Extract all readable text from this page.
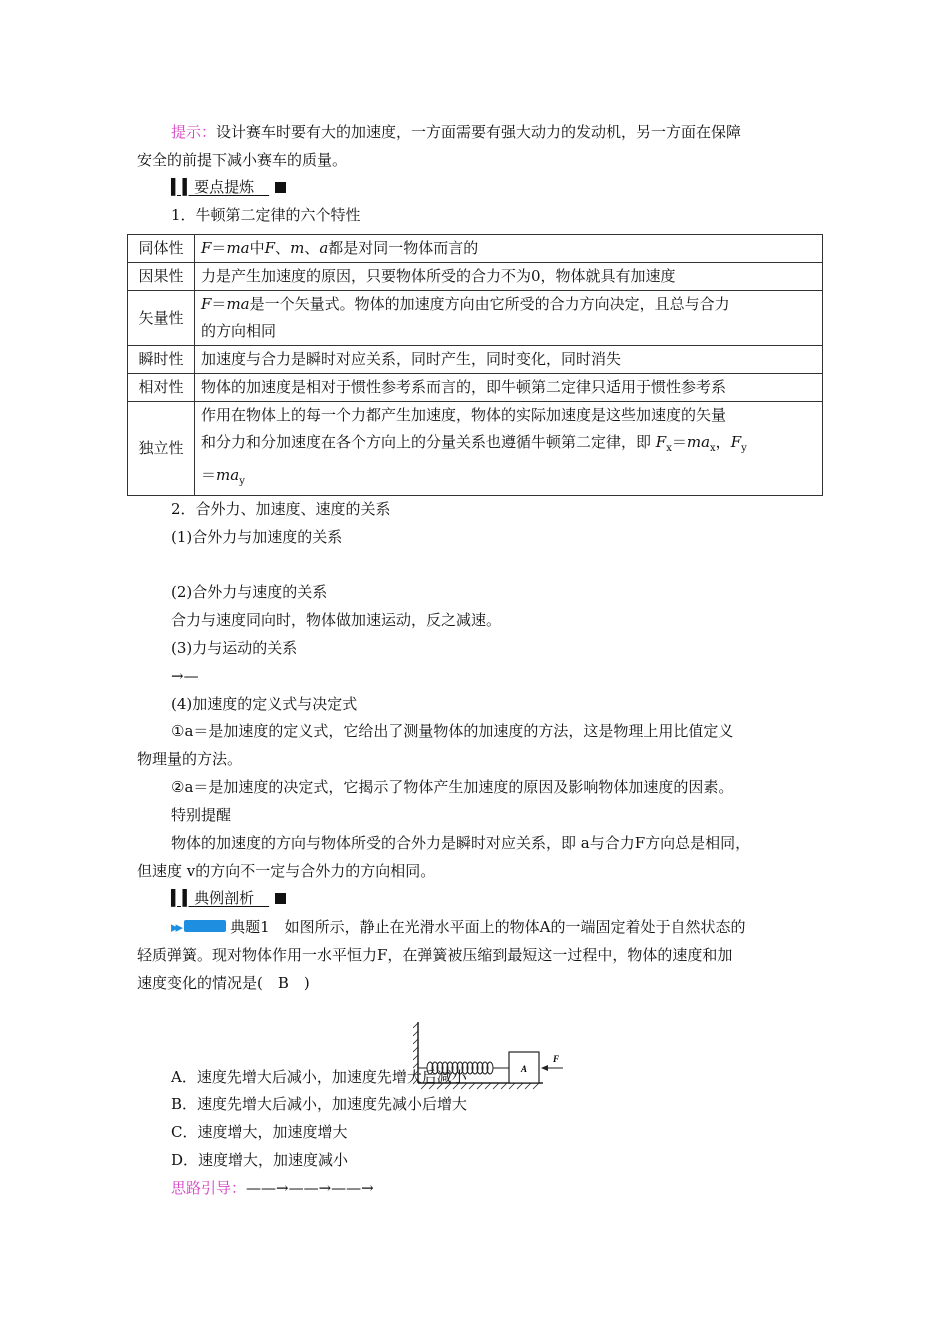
提示：设计赛车时要有大的加速度，一方面需要有强大动力的发动机，另一方面在保障
安全的前提下减小赛车的质量。
▍▍要点提炼　
1．牛顿第二定律的六个特性
同体性	F＝ma中F、m、a都是对同一物体而言的
因果性	力是产生加速度的原因，只要物体所受的合力不为0，物体就具有加速度
矢量性	F＝ma是一个矢量式。物体的加速度方向由它所受的合力方向决定，且总与合力
的方向相同
瞬时性	加速度与合力是瞬时对应关系，同时产生，同时变化，同时消失
相对性	物体的加速度是相对于惯性参考系而言的，即牛顿第二定律只适用于惯性参考系
独立性	作用在物体上的每一个力都产生加速度，物体的实际加速度是这些加速度的矢量
和分力和分加速度在各个方向上的分量关系也遵循牛顿第二定律，即 $F_x=ma_x$，$F_y$
$=ma_y$
2．合外力、加速度、速度的关系
(1)合外力与加速度的关系
(2)合外力与速度的关系
合力与速度同向时，物体做加速运动，反之减速。
(3)力与运动的关系
→—
(4)加速度的定义式与决定式
①a＝是加速度的定义式，它给出了测量物体的加速度的方法，这是物理上用比值定义
物理量的方法。
②a＝是加速度的决定式，它揭示了物体产生加速度的原因及影响物体加速度的因素。
特别提醒
物体的加速度的方向与物体所受的合外力是瞬时对应关系，即 a与合力F方向总是相同，
但速度 v的方向不一定与合外力的方向相同。
▍▍典例剖析　
▸▸	典题1　 如图所示，静止在光滑水平面上的物体A的一端固定着处于自然状态的
轻质弹簧。现对物体作用一水平恒力F，在弹簧被压缩到最短这一过程中，物体的速度和加
速度变化的情况是(　B　)
A
F
A．速度先增大后减小，加速度先增大后减小
B．速度先增大后减小，加速度先减小后增大
C．速度增大，加速度增大
D．速度增大，加速度减小
思路引导：——→——→——→
